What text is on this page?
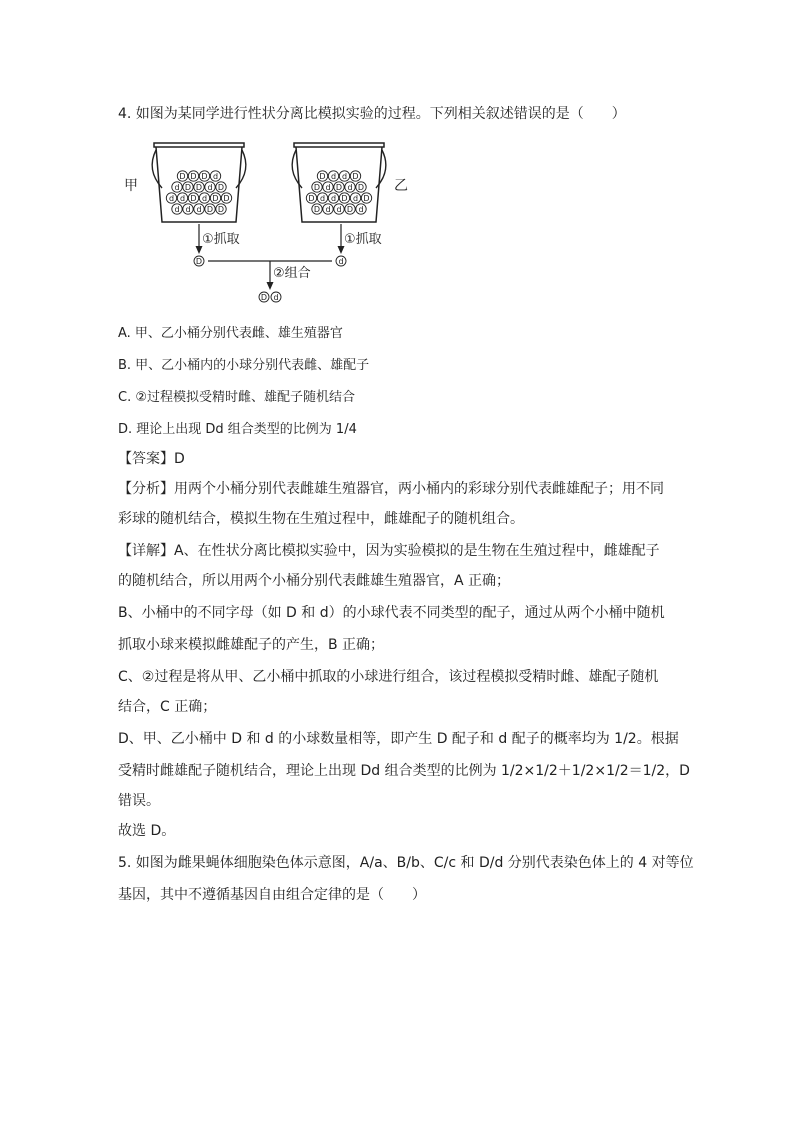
4. 如图为某同学进行性状分离比模拟实验的过程。下列相关叙述错误的是（　　）
D D D d
d D D d D
d d D d D D
d d d D D
D d d D
D d D d D
D d d D d D
D d d D d
甲	乙
①抓取	①抓取
D	d
②组合
D d
A. 甲、乙小桶分别代表雌、雄生殖器官
B. 甲、乙小桶内的小球分别代表雌、雄配子
C. ②过程模拟受精时雌、雄配子随机结合
D. 理论上出现 Dd 组合类型的比例为 1/4
【答案】D
【分析】用两个小桶分别代表雌雄生殖器官，两小桶内的彩球分别代表雌雄配子；用不同
彩球的随机结合，模拟生物在生殖过程中，雌雄配子的随机组合。
【详解】A、在性状分离比模拟实验中，因为实验模拟的是生物在生殖过程中，雌雄配子
的随机结合，所以用两个小桶分别代表雌雄生殖器官，A 正确；
B、小桶中的不同字母（如 D 和 d）的小球代表不同类型的配子，通过从两个小桶中随机
抓取小球来模拟雌雄配子的产生，B 正确；
C、②过程是将从甲、乙小桶中抓取的小球进行组合，该过程模拟受精时雌、雄配子随机
结合，C 正确；
D、甲、乙小桶中 D 和 d 的小球数量相等，即产生 D 配子和 d 配子的概率均为 1/2。根据
受精时雌雄配子随机结合，理论上出现 Dd 组合类型的比例为 1/2×1/2＋1/2×1/2＝1/2，D
错误。
故选 D。
5. 如图为雌果蝇体细胞染色体示意图，A/a、B/b、C/c 和 D/d 分别代表染色体上的 4 对等位
基因，其中不遵循基因自由组合定律的是（　　）
